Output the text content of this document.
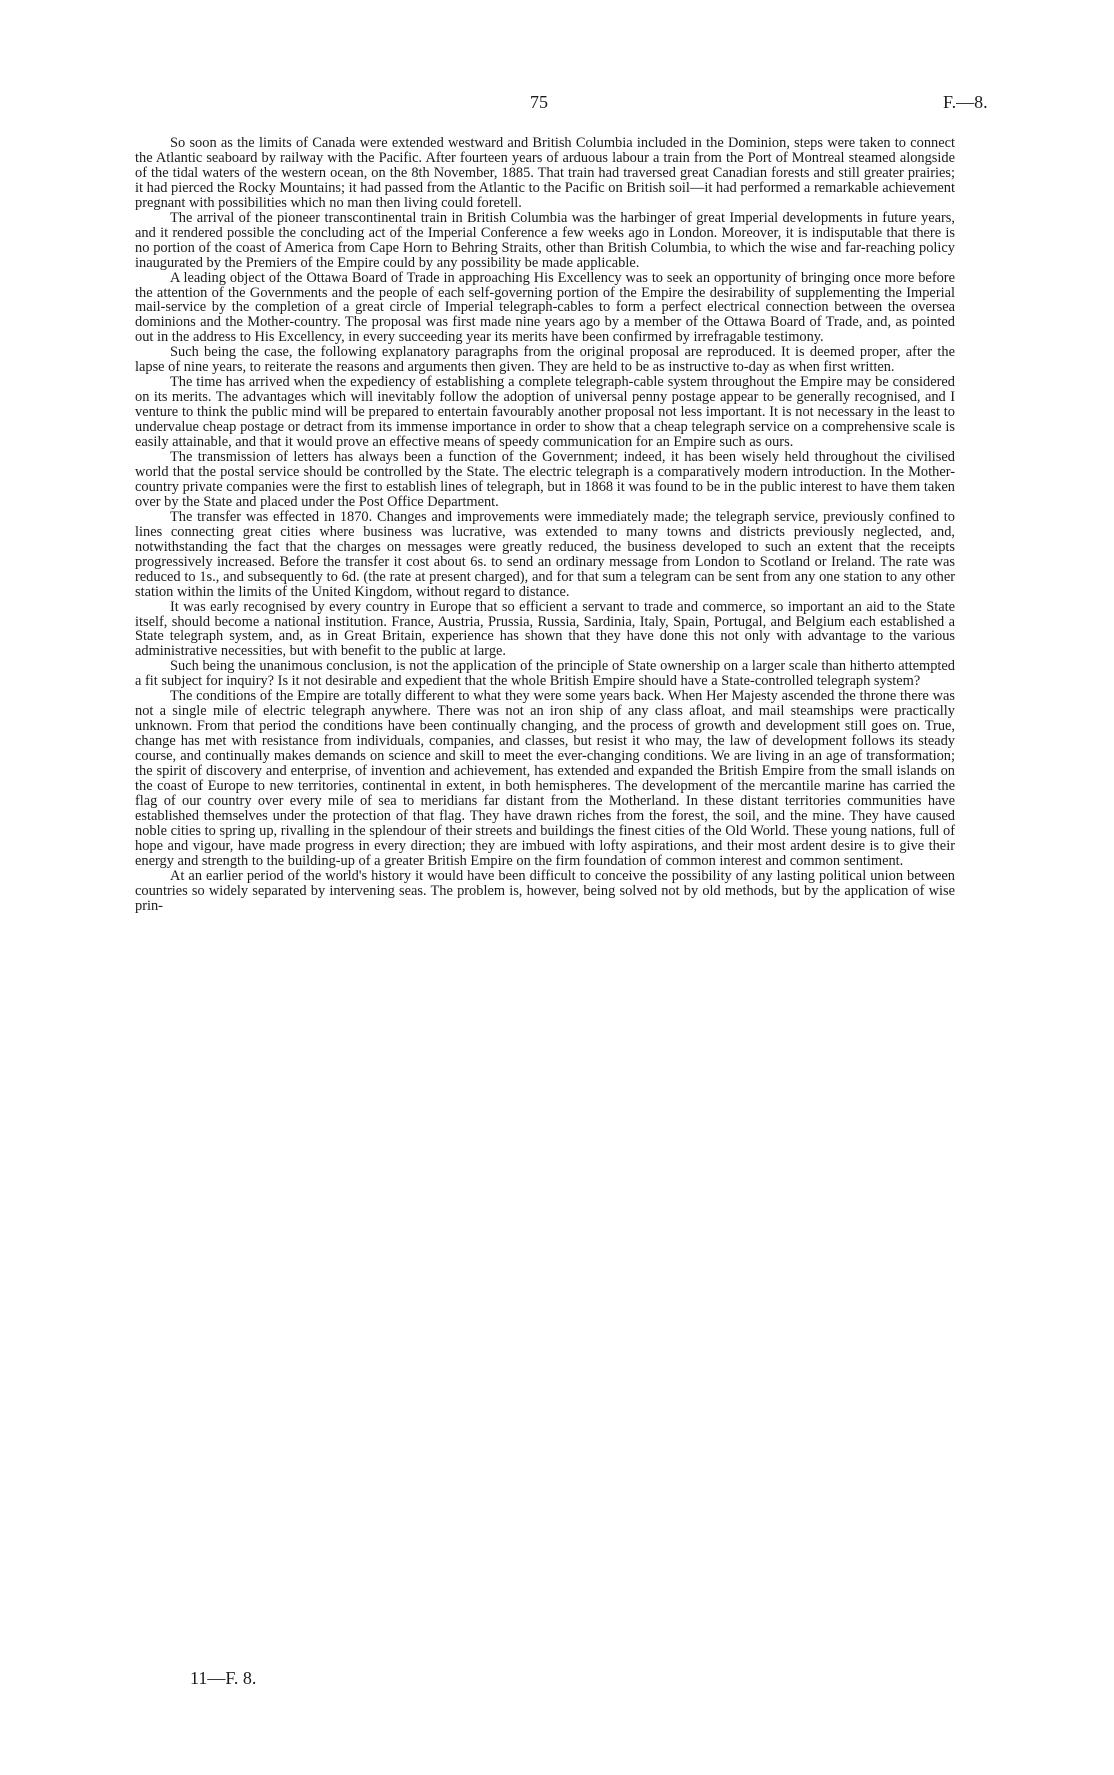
75	F.—8.

So soon as the limits of Canada were extended westward and British Columbia included in the Dominion, steps were taken to connect the Atlantic seaboard by railway with the Pacific. After fourteen years of arduous labour a train from the Port of Montreal steamed alongside of the tidal waters of the western ocean, on the 8th November, 1885. That train had traversed great Canadian forests and still greater prairies; it had pierced the Rocky Mountains; it had passed from the Atlantic to the Pacific on British soil—it had performed a remarkable achievement pregnant with possibilities which no man then living could foretell.

The arrival of the pioneer transcontinental train in British Columbia was the harbinger of great Imperial developments in future years, and it rendered possible the concluding act of the Imperial Conference a few weeks ago in London. Moreover, it is indisputable that there is no portion of the coast of America from Cape Horn to Behring Straits, other than British Columbia, to which the wise and far-reaching policy inaugurated by the Premiers of the Empire could by any possibility be made applicable.

A leading object of the Ottawa Board of Trade in approaching His Excellency was to seek an opportunity of bringing once more before the attention of the Governments and the people of each self-governing portion of the Empire the desirability of supplementing the Imperial mail-service by the completion of a great circle of Imperial telegraph-cables to form a perfect electrical connection between the oversea dominions and the Mother-country. The proposal was first made nine years ago by a member of the Ottawa Board of Trade, and, as pointed out in the address to His Excellency, in every succeeding year its merits have been confirmed by irrefragable testimony.

Such being the case, the following explanatory paragraphs from the original proposal are reproduced. It is deemed proper, after the lapse of nine years, to reiterate the reasons and arguments then given. They are held to be as instructive to-day as when first written.

The time has arrived when the expediency of establishing a complete telegraph-cable system throughout the Empire may be considered on its merits. The advantages which will inevitably follow the adoption of universal penny postage appear to be generally recognised, and I venture to think the public mind will be prepared to entertain favourably another proposal not less important. It is not necessary in the least to undervalue cheap postage or detract from its immense importance in order to show that a cheap telegraph service on a comprehensive scale is easily attainable, and that it would prove an effective means of speedy communication for an Empire such as ours.

The transmission of letters has always been a function of the Government; indeed, it has been wisely held throughout the civilised world that the postal service should be controlled by the State. The electric telegraph is a comparatively modern introduction. In the Mother-country private companies were the first to establish lines of telegraph, but in 1868 it was found to be in the public interest to have them taken over by the State and placed under the Post Office Department.

The transfer was effected in 1870. Changes and improvements were immediately made; the telegraph service, previously confined to lines connecting great cities where business was lucrative, was extended to many towns and districts previously neglected, and, notwithstanding the fact that the charges on messages were greatly reduced, the business developed to such an extent that the receipts progressively increased. Before the transfer it cost about 6s. to send an ordinary message from London to Scotland or Ireland. The rate was reduced to 1s., and subsequently to 6d. (the rate at present charged), and for that sum a telegram can be sent from any one station to any other station within the limits of the United Kingdom, without regard to distance.

It was early recognised by every country in Europe that so efficient a servant to trade and commerce, so important an aid to the State itself, should become a national institution. France, Austria, Prussia, Russia, Sardinia, Italy, Spain, Portugal, and Belgium each established a State telegraph system, and, as in Great Britain, experience has shown that they have done this not only with advantage to the various administrative necessities, but with benefit to the public at large.

Such being the unanimous conclusion, is not the application of the principle of State ownership on a larger scale than hitherto attempted a fit subject for inquiry? Is it not desirable and expedient that the whole British Empire should have a State-controlled telegraph system?

The conditions of the Empire are totally different to what they were some years back. When Her Majesty ascended the throne there was not a single mile of electric telegraph anywhere. There was not an iron ship of any class afloat, and mail steamships were practically unknown. From that period the conditions have been continually changing, and the process of growth and development still goes on. True, change has met with resistance from individuals, companies, and classes, but resist it who may, the law of development follows its steady course, and continually makes demands on science and skill to meet the ever-changing conditions. We are living in an age of transformation; the spirit of discovery and enterprise, of invention and achievement, has extended and expanded the British Empire from the small islands on the coast of Europe to new territories, continental in extent, in both hemispheres. The development of the mercantile marine has carried the flag of our country over every mile of sea to meridians far distant from the Motherland. In these distant territories communities have established themselves under the protection of that flag. They have drawn riches from the forest, the soil, and the mine. They have caused noble cities to spring up, rivalling in the splendour of their streets and buildings the finest cities of the Old World. These young nations, full of hope and vigour, have made progress in every direction; they are imbued with lofty aspirations, and their most ardent desire is to give their energy and strength to the building-up of a greater British Empire on the firm foundation of common interest and common sentiment.

At an earlier period of the world's history it would have been difficult to conceive the possibility of any lasting political union between countries so widely separated by intervening seas. The problem is, however, being solved not by old methods, but by the application of wise prin-

11—F. 8.
